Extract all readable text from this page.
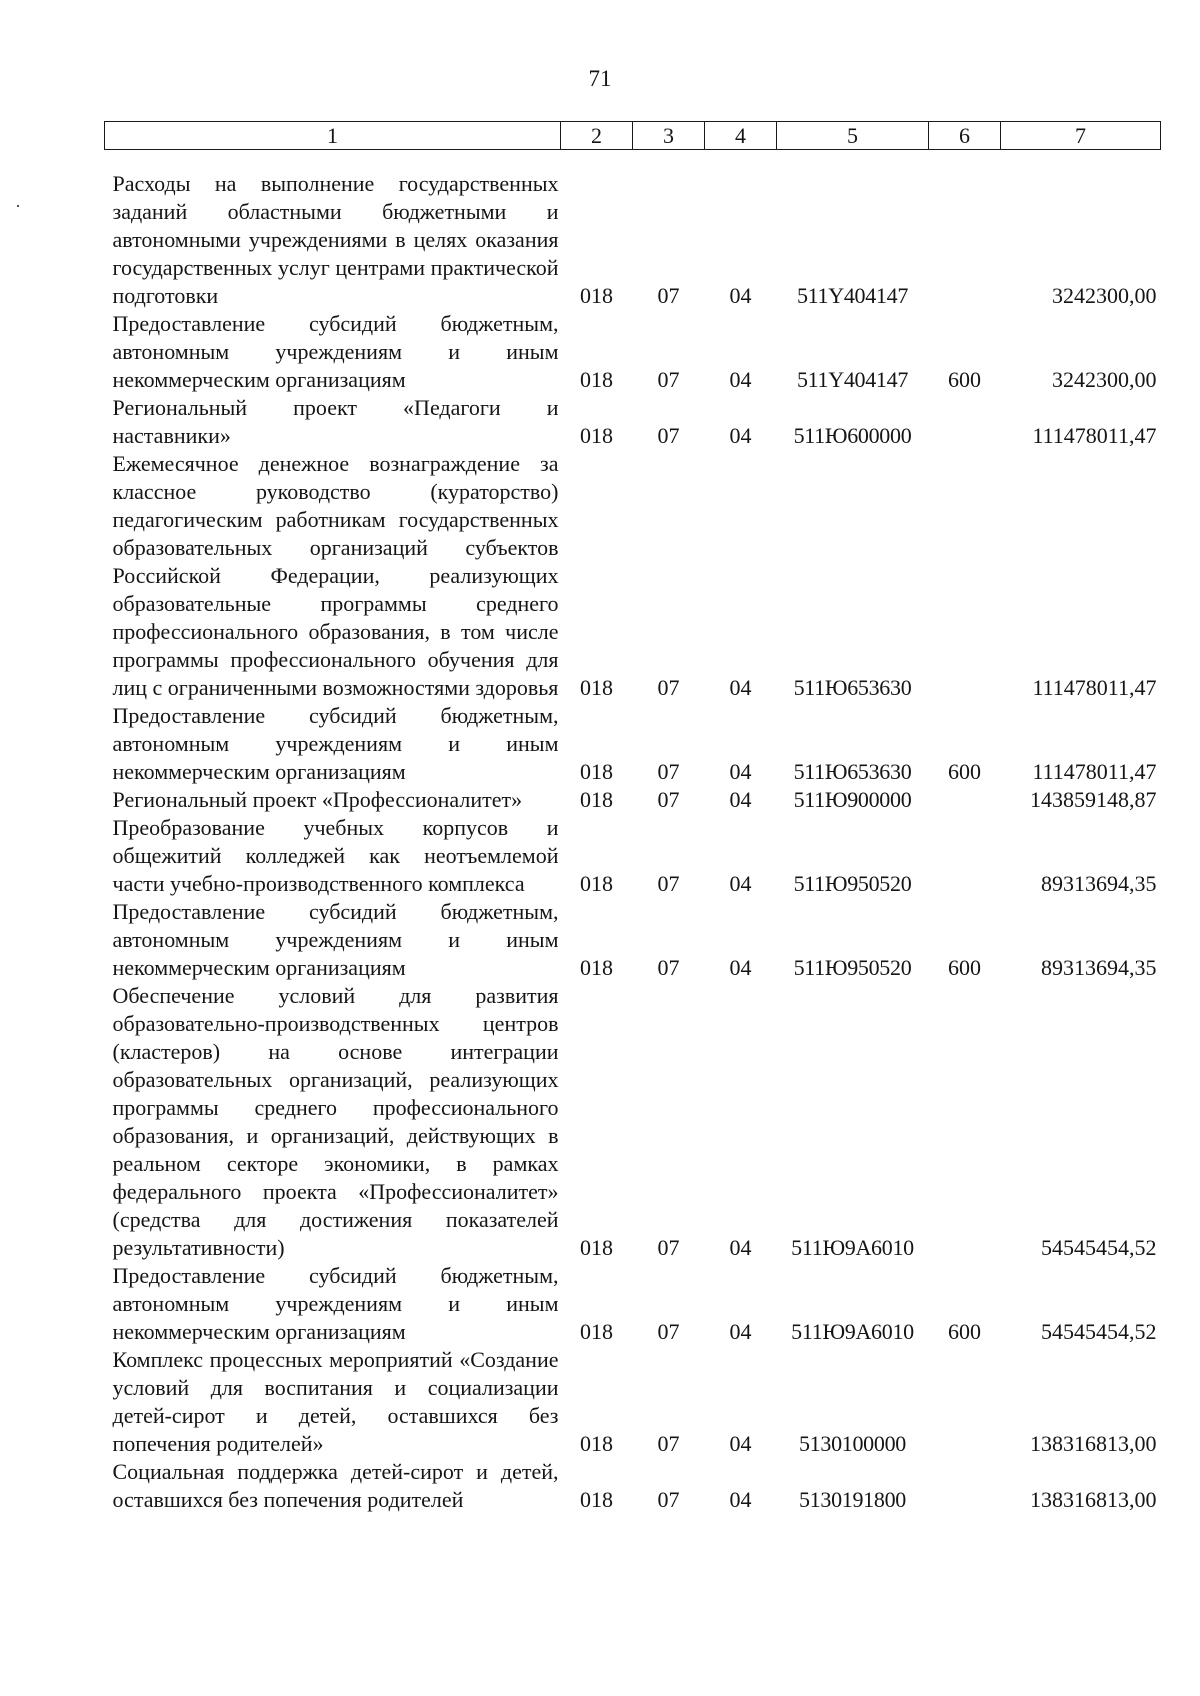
71
·
1	2	3	4	5	6	7
Расходы на выполнение государственных заданий областными бюджетными и автономными учреждениями в целях оказания государственных услуг центрами практической подготовки	018	07	04	511Y404147		3242300,00
Предоставление субсидий бюджетным, автономным учреждениям и иным некоммерческим организациям	018	07	04	511Y404147	600	3242300,00
Региональный проект «Педагоги и наставники»	018	07	04	511Ю600000		111478011,47
Ежемесячное денежное вознаграждение за классное руководство (кураторство) педагогическим работникам государственных образовательных организаций субъектов Российской Федерации, реализующих образовательные программы среднего профессионального образования, в том числе программы профессионального обучения для лиц с ограниченными возможностями здоровья	018	07	04	511Ю653630		111478011,47
Предоставление субсидий бюджетным, автономным учреждениям и иным некоммерческим организациям	018	07	04	511Ю653630	600	111478011,47
Региональный проект «Профессионалитет»	018	07	04	511Ю900000		143859148,87
Преобразование учебных корпусов и общежитий колледжей как неотъемлемой части учебно-производственного комплекса	018	07	04	511Ю950520		89313694,35
Предоставление субсидий бюджетным, автономным учреждениям и иным некоммерческим организациям	018	07	04	511Ю950520	600	89313694,35
Обеспечение условий для развития образовательно-производственных центров (кластеров) на основе интеграции образовательных организаций, реализующих программы среднего профессионального образования, и организаций, действующих в реальном секторе экономики, в рамках федерального проекта «Профессионалитет» (средства для достижения показателей результативности)	018	07	04	511Ю9А6010		54545454,52
Предоставление субсидий бюджетным, автономным учреждениям и иным некоммерческим организациям	018	07	04	511Ю9А6010	600	54545454,52
Комплекс процессных мероприятий «Создание условий для воспитания и социализации детей-сирот и детей, оставшихся без попечения родителей»	018	07	04	5130100000		138316813,00
Социальная поддержка детей-сирот и детей, оставшихся без попечения родителей	018	07	04	5130191800		138316813,00
